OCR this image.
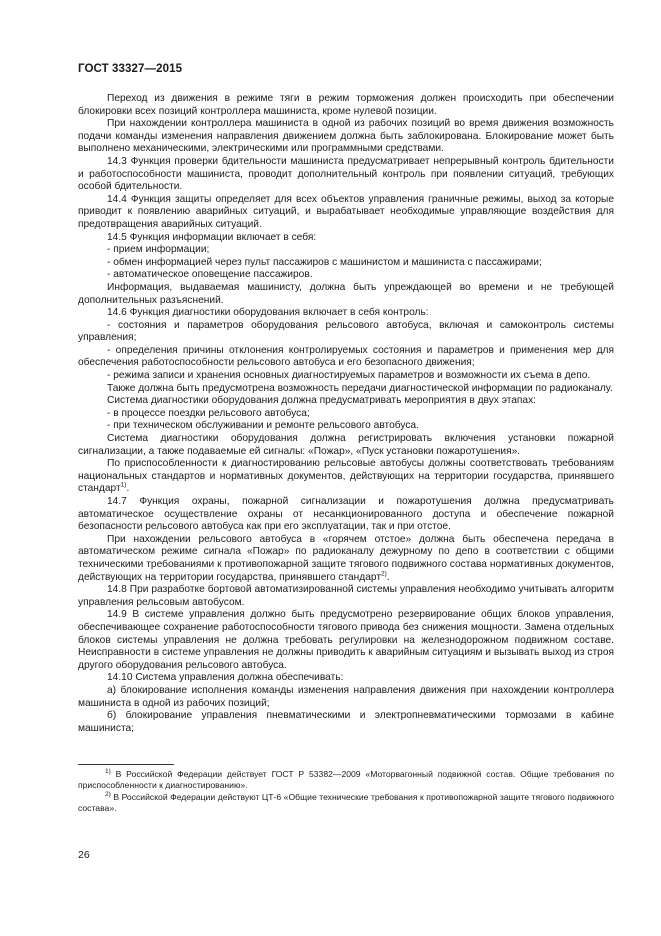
ГОСТ 33327—2015

Переход из движения в режиме тяги в режим торможения должен происходить при обеспечении блокировки всех позиций контроллера машиниста, кроме нулевой позиции.

При нахождении контроллера машиниста в одной из рабочих позиций во время движения возможность подачи команды изменения направления движением должна быть заблокирована. Блокирование может быть выполнено механическими, электрическими или программными средствами.

14.3 Функция проверки бдительности машиниста предусматривает непрерывный контроль бдительности и работоспособности машиниста, проводит дополнительный контроль при появлении ситуаций, требующих особой бдительности.

14.4 Функция защиты определяет для всех объектов управления граничные режимы, выход за которые приводит к появлению аварийных ситуаций, и вырабатывает необходимые управляющие воздействия для предотвращения аварийных ситуаций.

14.5 Функция информации включает в себя:

- прием информации;

- обмен информацией через пульт пассажиров с машинистом и машиниста с пассажирами;

- автоматическое оповещение пассажиров.

Информация, выдаваемая машинисту, должна быть упреждающей во времени и не требующей дополнительных разъяснений.

14.6 Функция диагностики оборудования включает в себя контроль:

- состояния и параметров оборудования рельсового автобуса, включая и самоконтроль системы управления;

- определения причины отклонения контролируемых состояния и параметров и применения мер для обеспечения работоспособности рельсового автобуса и его безопасного движения;

- режима записи и хранения основных диагностируемых параметров и возможности их съема в депо.

Также должна быть предусмотрена возможность передачи диагностической информации по радиоканалу.

Система диагностики оборудования должна предусматривать мероприятия в двух этапах:

- в процессе поездки рельсового автобуса;

- при техническом обслуживании и ремонте рельсового автобуса.

Система диагностики оборудования должна регистрировать включения установки пожарной сигнализации, а также подаваемые ей сигналы: «Пожар», «Пуск установки пожаротушения».

По приспособленности к диагностированию рельсовые автобусы должны соответствовать требованиям национальных стандартов и нормативных документов, действующих на территории государства, принявшего стандарт$^{1)}$.

14.7 Функция охраны, пожарной сигнализации и пожаротушения должна предусматривать автоматическое осуществление охраны от несанкционированного доступа и обеспечение пожарной безопасности рельсового автобуса как при его эксплуатации, так и при отстое.

При нахождении рельсового автобуса в «горячем отстое» должна быть обеспечена передача в автоматическом режиме сигнала «Пожар» по радиоканалу дежурному по депо в соответствии с общими техническими требованиями к противопожарной защите тягового подвижного состава нормативных документов, действующих на территории государства, принявшего стандарт$^{2)}$.

14.8 При разработке бортовой автоматизированной системы управления необходимо учитывать алгоритм управления рельсовым автобусом.

14.9 В системе управления должно быть предусмотрено резервирование общих блоков управления, обеспечивающее сохранение работоспособности тягового привода без снижения мощности. Замена отдельных блоков системы управления не должна требовать регулировки на железнодорожном подвижном составе. Неисправности в системе управления не должны приводить к аварийным ситуациям и вызывать выход из строя другого оборудования рельсового автобуса.

14.10 Система управления должна обеспечивать:

а) блокирование исполнения команды изменения направления движения при нахождении контроллера машиниста в одной из рабочих позиций;

б) блокирование управления пневматическими и электропневматическими тормозами в кабине машиниста;

$^{1)}$ В Российской Федерации действует ГОСТ Р 53382—2009 «Моторвагонный подвижной состав. Общие требования по приспособленности к диагностированию».

$^{2)}$ В Российской Федерации действуют ЦТ-6 «Общие технические требования к противопожарной защите тягового подвижного состава».

26
